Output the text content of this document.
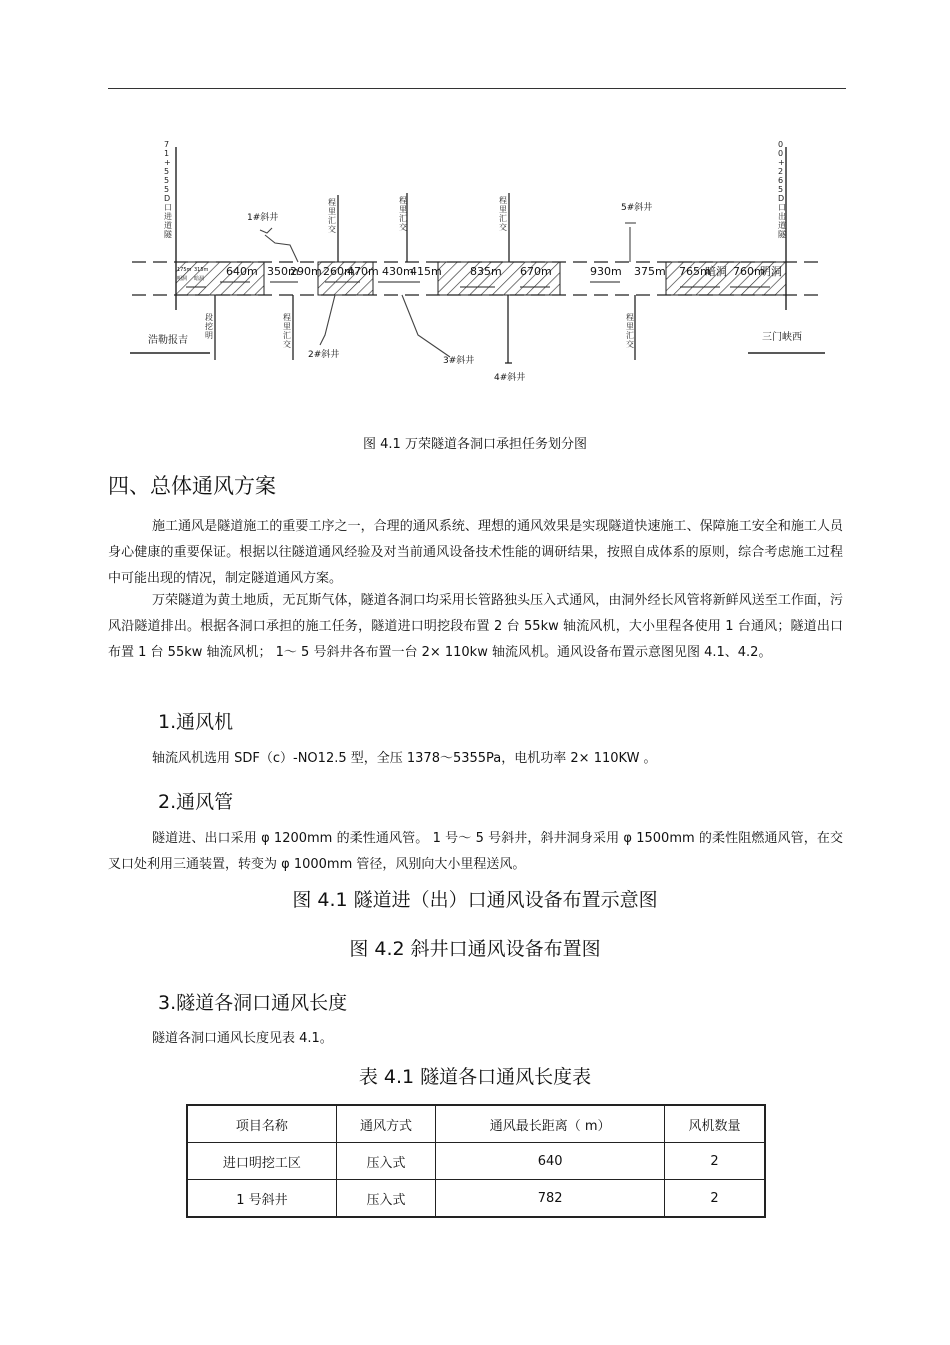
640m 350m
290m 260m
470m 430m
415m	835m 670m	930m 375m 765m
暗洞 760m
明洞
175m
明洞
315m
暗洞
7
1
+
5
5
5
D
口
进
道
隧
0
0
+
2
6
5
D
口
出
道
隧
程
里
汇
交
程
里
汇
交
程
里
汇
交
程
里
汇
交
程
里
汇
交
段
挖
明
1#斜井
2#斜井
3#斜井
4#斜井
5#斜井
浩勒报吉	三门峡西
图 4.1 万荣隧道各洞口承担任务划分图
四、总体通风方案

施工通风是隧道施工的重要工序之一，合理的通风系统、理想的通风效果是实现隧道快速施工、保障施工安全和施工人员身心健康的重要保证。根据以往隧道通风经验及对当前通风设备技术性能的调研结果，按照自成体系的原则，综合考虑施工过程中可能出现的情况，制定隧道通风方案。

万荣隧道为黄土地质，无瓦斯气体，隧道各洞口均采用长管路独头压入式通风，由洞外经长风管将新鲜风送至工作面，污风沿隧道排出。根据各洞口承担的施工任务，隧道进口明挖段布置 2 台 55kw 轴流风机，大小里程各使用 1 台通风；隧道出口布置 1 台 55kw 轴流风机； 1～ 5 号斜井各布置一台 2× 110kw 轴流风机。通风设备布置示意图见图 4.1、4.2。

1.通风机

轴流风机选用 SDF（c）-NO12.5 型，全压 1378～5355Pa，电机功率 2× 110KW 。

2.通风管

隧道进、出口采用 φ 1200mm 的柔性通风管。 1 号～ 5 号斜井，斜井洞身采用 φ 1500mm 的柔性阻燃通风管，在交叉口处利用三通装置，转变为 φ 1000mm 管径，风别向大小里程送风。

图 4.1 隧道进（出）口通风设备布置示意图
图 4.2 斜井口通风设备布置图
3.隧道各洞口通风长度

隧道各洞口通风长度见表 4.1。

表 4.1 隧道各口通风长度表
项目名称	通风方式	通风最长距离（ m）	风机数量
进口明挖工区	压入式	640	2
1 号斜井	压入式	782	2
